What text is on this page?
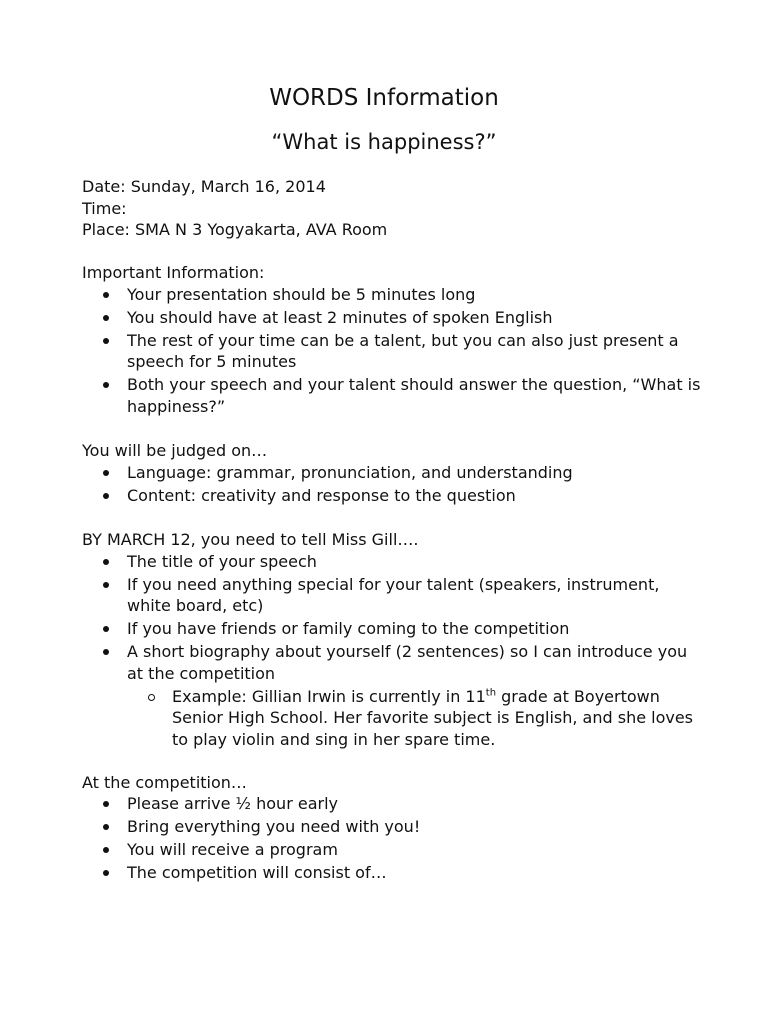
WORDS Information
“What is happiness?”
Date: Sunday, March 16, 2014
Time:
Place: SMA N 3 Yogyakarta, AVA Room
Important Information:
Your presentation should be 5 minutes long
You should have at least 2 minutes of spoken English
The rest of your time can be a talent, but you can also just present a speech for 5 minutes
Both your speech and your talent should answer the question, “What is happiness?”
You will be judged on…
Language: grammar, pronunciation, and understanding
Content: creativity and response to the question
BY MARCH 12, you need to tell Miss Gill….
The title of your speech
If you need anything special for your talent (speakers, instrument, white board, etc)
If you have friends or family coming to the competition
A short biography about yourself (2 sentences) so I can introduce you at the competition
Example: Gillian Irwin is currently in 11th grade at Boyertown Senior High School. Her favorite subject is English, and she loves to play violin and sing in her spare time.
At the competition…
Please arrive ½ hour early
Bring everything you need with you!
You will receive a program
The competition will consist of…
